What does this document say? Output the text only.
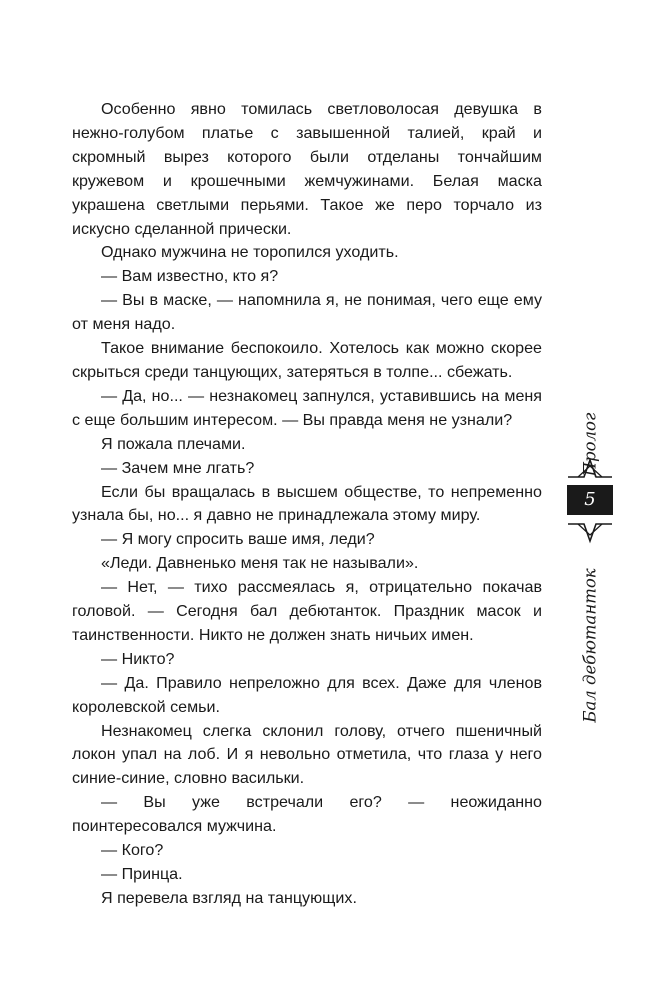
Особенно явно томилась светловолосая девушка в нежно-голубом платье с завышенной талией, край и скромный вырез которого были отделаны тончайшим кружевом и крошечными жемчужинами. Белая маска украшена светлыми перьями. Такое же перо торчало из искусно сделанной прически.

Однако мужчина не торопился уходить.

— Вам известно, кто я?

— Вы в маске, — напомнила я, не понимая, чего еще ему от меня надо.

Такое внимание беспокоило. Хотелось как можно скорее скрыться среди танцующих, затеряться в толпе... сбежать.

— Да, но... — незнакомец запнулся, уставившись на меня с еще большим интересом. — Вы правда меня не узнали?

Я пожала плечами.

— Зачем мне лгать?

Если бы вращалась в высшем обществе, то непременно узнала бы, но... я давно не принадлежала этому миру.

— Я могу спросить ваше имя, леди?

«Леди. Давненько меня так не называли».

— Нет, — тихо рассмеялась я, отрицательно покачав головой. — Сегодня бал дебютанток. Праздник масок и таинственности. Никто не должен знать ничьих имен.

— Никто?

— Да. Правило непреложно для всех. Даже для членов королевской семьи.

Незнакомец слегка склонил голову, отчего пшеничный локон упал на лоб. И я невольно отметила, что глаза у него синие-синие, словно васильки.

— Вы уже встречали его? — неожиданно поинтересовался мужчина.

— Кого?

— Принца.

Я перевела взгляд на танцующих.

Пролог
5
Бал дебютанток
